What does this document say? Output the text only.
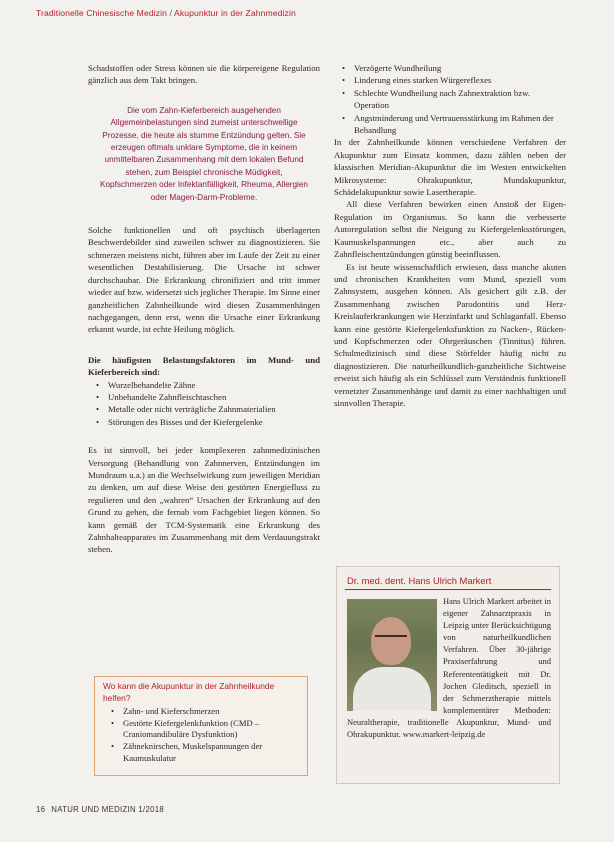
Traditionelle Chinesische Medizin / Akupunktur in der Zahnmedizin

Schadstoffen oder Stress können sie die körpereigene Regulation gänzlich aus dem Takt bringen.

Die vom Zahn-Kieferbereich ausgehenden Allgemeinbelastungen sind zumeist unterschwellige Prozesse, die heute als stumme Entzündung gelten. Sie erzeugen oftmals unklare Symptome, die in keinem unmittelbaren Zusammenhang mit dem lokalen Befund stehen, zum Beispiel chronische Müdigkeit, Kopfschmerzen oder Infektanfälligkeit, Rheuma, Allergien oder Magen-Darm-Probleme.

Solche funktionellen und oft psychisch überlagerten Beschwerdebilder sind zuweilen schwer zu diagnostizieren. Sie schmerzen meistens nicht, führen aber im Laufe der Zeit zu einer wesentlichen Destabilisierung. Die Ursache ist schwer durchschaubar. Die Erkrankung chronifiziert und tritt immer wieder auf bzw. widersetzt sich jeglicher Therapie. Im Sinne einer ganzheitlichen Zahnheilkunde wird diesen Zusammenhängen nachgegangen, denn erst, wenn die Ursache einer Erkrankung erkannt wurde, ist echte Heilung möglich.

Die häufigsten Belastungsfaktoren im Mund- und Kieferbereich sind:

• Wurzelbehandelte Zähne
• Unbehandelte Zahnfleischtaschen
• Metalle oder nicht verträgliche Zahnmaterialien
• Störungen des Bisses und der Kiefergelenke

Es ist sinnvoll, bei jeder komplexeren zahnmedizinischen Versorgung (Behandlung von Zahnnerven, Entzündungen im Mundraum u.a.) an die Wechselwirkung zum jeweiligen Meridian zu denken, um auf diese Weise den gestörten Energiefluss zu regulieren und den „wahren“ Ursachen der Erkrankung auf den Grund zu gehen, die fernab vom Fachgebiet liegen können. So kann gemäß der TCM-Systematik eine Erkrankung des Zahnhalteapparates im Zusammenhang mit dem Verdauungstrakt stehen.

Wo kann die Akupunktur in der Zahnheilkunde helfen?

• Zahn- und Kieferschmerzen
• Gestörte Kiefergelenkfunktion (CMD – Craniomandibuläre Dysfunktion)
• Zähneknirschen, Muskelspannungen der Kaumuskulatur
• Verzögerte Wundheilung
• Linderung eines starken Würgereflexes
• Schlechte Wundheilung nach Zahnextraktion bzw. Operation
• Angstminderung und Vertrauensstärkung im Rahmen der Behandlung

In der Zahnheilkunde können verschiedene Verfahren der Akupunktur zum Einsatz kommen, dazu zählen neben der klassischen Meridian-Akupunktur die im Westen entwickelten Mikrosysteme: Ohrakupunktur, Mundakupunktur, Schädelakupunktur sowie Lasertherapie.

All diese Verfahren bewirken einen Anstoß der Eigen-Regulation im Organismus. So kann die verbesserte Autoregulation selbst die Neigung zu Kiefergelenksstörungen, Kaumuskelspannungen etc., aber auch zu Zahnfleischentzündungen günstig beeinflussen.

Es ist heute wissenschaftlich erwiesen, dass manche akuten und chronischen Krankheiten vom Mund, speziell vom Zahnsystem, ausgehen können. Als gesichert gilt z.B. der Zusammenhang zwischen Parodontitis und Herz-Kreislauferkrankungen wie Herzinfarkt und Schlaganfall. Ebenso kann eine gestörte Kiefergelenksfunktion zu Nacken-, Rücken- und Kopfschmerzen oder Ohrgeräuschen (Tinnitus) führen. Schulmedizinisch sind diese Störfelder häufig nicht zu diagnostizieren. Die naturheilkundlich-ganzheitliche Sichtweise erweist sich häufig als ein Schlüssel zum Verständnis funktionell vernetzter Zusammenhänge und damit zu einer nachhaltigen und sinnvollen Therapie.

Dr. med. dent. Hans Ulrich Markert
Hans Ulrich Markert arbeitet in eigener Zahnarztpraxis in Leipzig unter Berücksichtigung von naturheilkundlichen Verfahren. Über 30-jährige Praxiserfahrung und Referententätigkeit mit Dr. Jochen Gleditsch, speziell in der Schmerztherapie mittels komplementärer Methoden: Neuraltherapie, traditionelle Akupunktur, Mund- und Ohrakupunktur. www.markert-leipzig.de
16 NATUR UND MEDIZIN 1/2018
